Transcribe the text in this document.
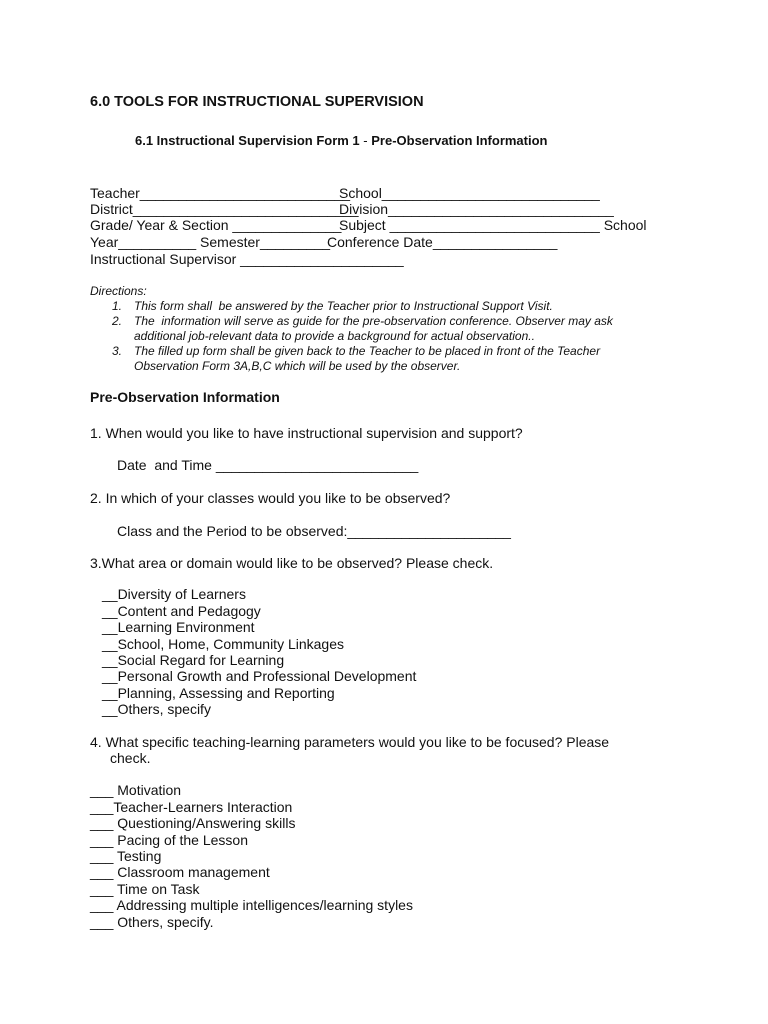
6.0 TOOLS FOR INSTRUCTIONAL SUPERVISION
6.1 Instructional Supervision Form 1 - Pre-Observation Information
Teacher___________________________
School____________________________
District_____________________________
Division_____________________________
Grade/ Year & Section ______________
Subject ___________________________ School
Year__________ Semester_________
Conference Date________________
Instructional Supervisor _____________________
Directions:
1. This form shall  be answered by the Teacher prior to Instructional Support Visit.
2. The  information will serve as guide for the pre-observation conference. Observer may ask
additional job-relevant data to provide a background for actual observation..
3. The filled up form shall be given back to the Teacher to be placed in front of the Teacher
Observation Form 3A,B,C which will be used by the observer.
Pre-Observation Information
1. When would you like to have instructional supervision and support?
Date  and Time __________________________
2. In which of your classes would you like to be observed?
Class and the Period to be observed:_____________________
3.What area or domain would like to be observed? Please check.
__Diversity of Learners
__Content and Pedagogy
__Learning Environment
__School, Home, Community Linkages
__Social Regard for Learning
__Personal Growth and Professional Development
__Planning, Assessing and Reporting
__Others, specify
4. What specific teaching-learning parameters would you like to be focused? Please
check.
___ Motivation
___Teacher-Learners Interaction
___ Questioning/Answering skills
___ Pacing of the Lesson
___ Testing
___ Classroom management
___ Time on Task
___ Addressing multiple intelligences/learning styles
___ Others, specify.
